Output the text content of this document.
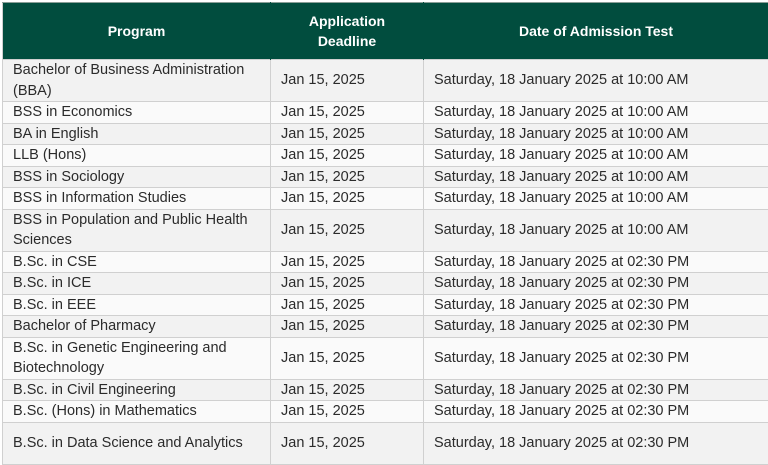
Program	Application Deadline	Date of Admission Test
Bachelor of Business Administration (BBA)	Jan 15, 2025	Saturday, 18 January 2025 at 10:00 AM
BSS in Economics	Jan 15, 2025	Saturday, 18 January 2025 at 10:00 AM
BA in English	Jan 15, 2025	Saturday, 18 January 2025 at 10:00 AM
LLB (Hons)	Jan 15, 2025	Saturday, 18 January 2025 at 10:00 AM
BSS in Sociology	Jan 15, 2025	Saturday, 18 January 2025 at 10:00 AM
BSS in Information Studies	Jan 15, 2025	Saturday, 18 January 2025 at 10:00 AM
BSS in Population and Public Health Sciences	Jan 15, 2025	Saturday, 18 January 2025 at 10:00 AM
B.Sc. in CSE	Jan 15, 2025	Saturday, 18 January 2025 at 02:30 PM
B.Sc. in ICE	Jan 15, 2025	Saturday, 18 January 2025 at 02:30 PM
B.Sc. in EEE	Jan 15, 2025	Saturday, 18 January 2025 at 02:30 PM
Bachelor of Pharmacy	Jan 15, 2025	Saturday, 18 January 2025 at 02:30 PM
B.Sc. in Genetic Engineering and Biotechnology	Jan 15, 2025	Saturday, 18 January 2025 at 02:30 PM
B.Sc. in Civil Engineering	Jan 15, 2025	Saturday, 18 January 2025 at 02:30 PM
B.Sc. (Hons) in Mathematics	Jan 15, 2025	Saturday, 18 January 2025 at 02:30 PM
B.Sc. in Data Science and Analytics	Jan 15, 2025	Saturday, 18 January 2025 at 02:30 PM
